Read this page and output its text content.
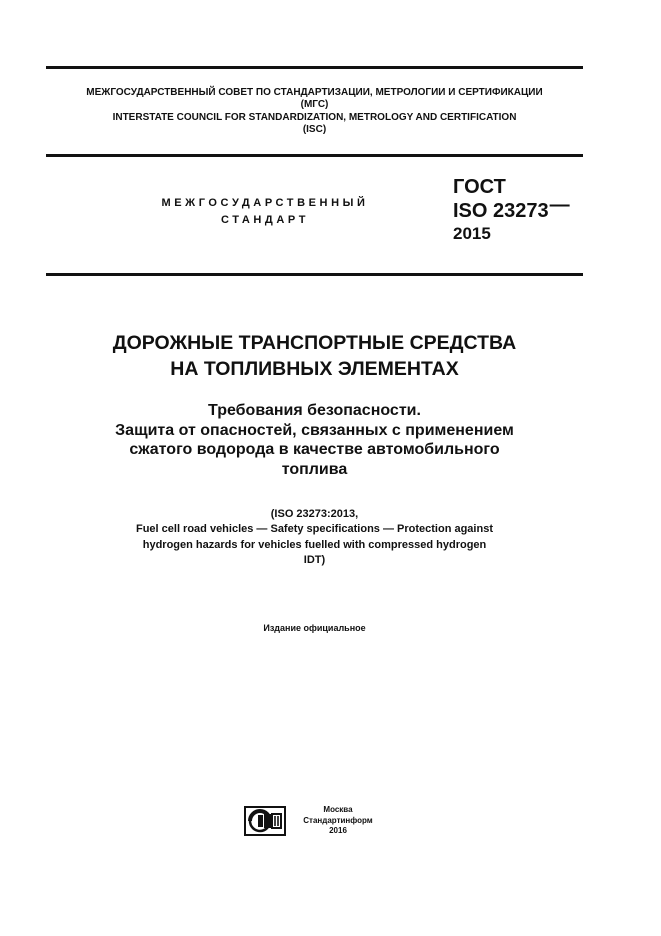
МЕЖГОСУДАРСТВЕННЫЙ СОВЕТ ПО СТАНДАРТИЗАЦИИ, МЕТРОЛОГИИ И СЕРТИФИКАЦИИ
(МГС)
INTERSTATE COUNCIL FOR STANDARDIZATION, METROLOGY AND CERTIFICATION
(ISC)
МЕЖГОСУДАРСТВЕННЫЙ
СТАНДАРТ
ГОСТ
ISO 23273—
2015
ДОРОЖНЫЕ ТРАНСПОРТНЫЕ СРЕДСТВА
НА ТОПЛИВНЫХ ЭЛЕМЕНТАХ
Требования безопасности.
Защита от опасностей, связанных с применением
сжатого водорода в качестве автомобильного
топлива
(ISO 23273:2013,
Fuel cell road vehicles — Safety specifications — Protection against
hydrogen hazards for vehicles fuelled with compressed hydrogen
IDT)
Издание официальное
Москва
Стандартинформ
2016
